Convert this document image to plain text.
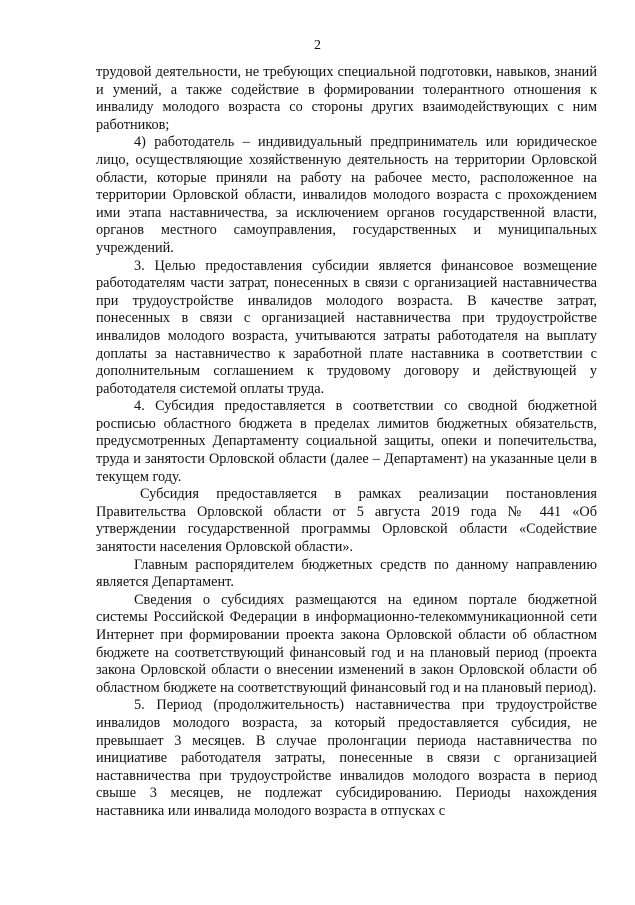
2

трудовой деятельности, не требующих специальной подготовки, навыков, знаний и умений, а также содействие в формировании толерантного отношения к инвалиду молодого возраста со стороны других взаимодействующих с ним работников;

4) работодатель – индивидуальный предприниматель или юридическое лицо, осуществляющие хозяйственную деятельность на территории Орловской области, которые приняли на работу на рабочее место, расположенное на территории Орловской области, инвалидов молодого возраста с прохождением ими этапа наставничества, за исключением органов государственной власти, органов местного самоуправления, государственных и муниципальных учреждений.

3. Целью предоставления субсидии является финансовое возмещение работодателям части затрат, понесенных в связи с организацией наставничества при трудоустройстве инвалидов молодого возраста. В качестве затрат, понесенных в связи с организацией наставничества при трудоустройстве инвалидов молодого возраста, учитываются затраты работодателя на выплату доплаты за наставничество к заработной плате наставника в соответствии с дополнительным соглашением к трудовому договору и действующей у работодателя системой оплаты труда.

4. Субсидия предоставляется в соответствии со сводной бюджетной росписью областного бюджета в пределах лимитов бюджетных обязательств, предусмотренных Департаменту социальной защиты, опеки и попечительства, труда и занятости Орловской области (далее – Департамент) на указанные цели в текущем году.

Субсидия предоставляется в рамках реализации постановления Правительства Орловской области от 5 августа 2019 года № 441 «Об утверждении государственной программы Орловской области «Содействие занятости населения Орловской области».

Главным распорядителем бюджетных средств по данному направлению является Департамент.

Сведения о субсидиях размещаются на едином портале бюджетной системы Российской Федерации в информационно-телекоммуникационной сети Интернет при формировании проекта закона Орловской области об областном бюджете на соответствующий финансовый год и на плановый период (проекта закона Орловской области о внесении изменений в закон Орловской области об областном бюджете на соответствующий финансовый год и на плановый период).

5. Период (продолжительность) наставничества при трудоустройстве инвалидов молодого возраста, за который предоставляется субсидия, не превышает 3 месяцев. В случае пролонгации периода наставничества по инициативе работодателя затраты, понесенные в связи с организацией наставничества при трудоустройстве инвалидов молодого возраста в период свыше 3 месяцев, не подлежат субсидированию. Периоды нахождения наставника или инвалида молодого возраста в отпусках с
